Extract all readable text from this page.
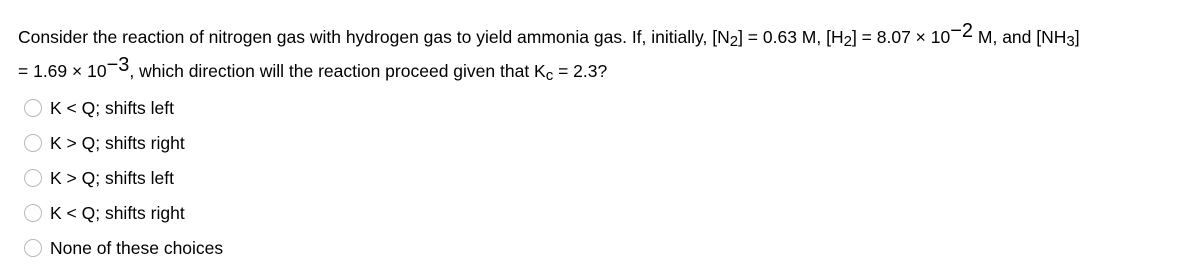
Consider the reaction of nitrogen gas with hydrogen gas to yield ammonia gas. If, initially, $[N_2] = 0.63$ M, $[H_2] = 8.07 \times 10^{-2}$ M, and $[NH_3]$
= $1.69 \times 10^{-3}$, which direction will the reaction proceed given that $K_c = 2.3$?
K < Q; shifts left
K > Q; shifts right
K > Q; shifts left
K < Q; shifts right
None of these choices
